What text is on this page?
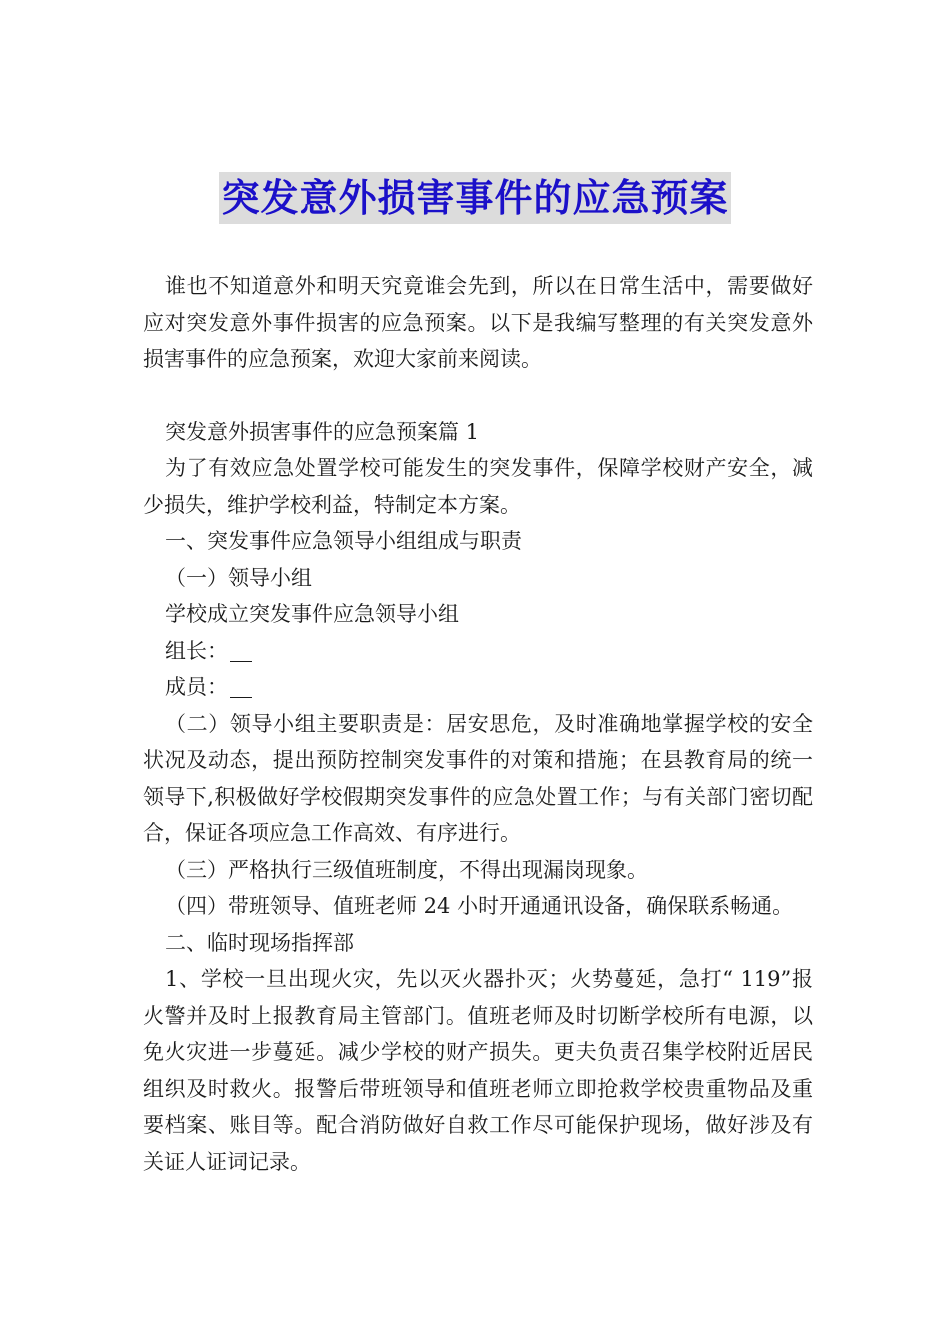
突发意外损害事件的应急预案

谁也不知道意外和明天究竟谁会先到，所以在日常生活中，需要做好应对突发意外事件损害的应急预案。以下是我编写整理的有关突发意外损害事件的应急预案，欢迎大家前来阅读。

突发意外损害事件的应急预案篇 1

为了有效应急处置学校可能发生的突发事件，保障学校财产安全，减少损失，维护学校利益，特制定本方案。

一、突发事件应急领导小组组成与职责

（一）领导小组

学校成立突发事件应急领导小组

组长：

成员：

（二）领导小组主要职责是：居安思危，及时准确地掌握学校的安全状况及动态，提出预防控制突发事件的对策和措施；在县教育局的统一领导下,积极做好学校假期突发事件的应急处置工作；与有关部门密切配合，保证各项应急工作高效、有序进行。

（三）严格执行三级值班制度，不得出现漏岗现象。

（四）带班领导、值班老师 24 小时开通通讯设备，确保联系畅通。

二、临时现场指挥部

1、学校一旦出现火灾，先以灭火器扑灭；火势蔓延，急打“ 119”报火警并及时上报教育局主管部门。值班老师及时切断学校所有电源，以免火灾进一步蔓延。减少学校的财产损失。更夫负责召集学校附近居民组织及时救火。报警后带班领导和值班老师立即抢救学校贵重物品及重要档案、账目等。配合消防做好自救工作尽可能保护现场，做好涉及有关证人证词记录。
